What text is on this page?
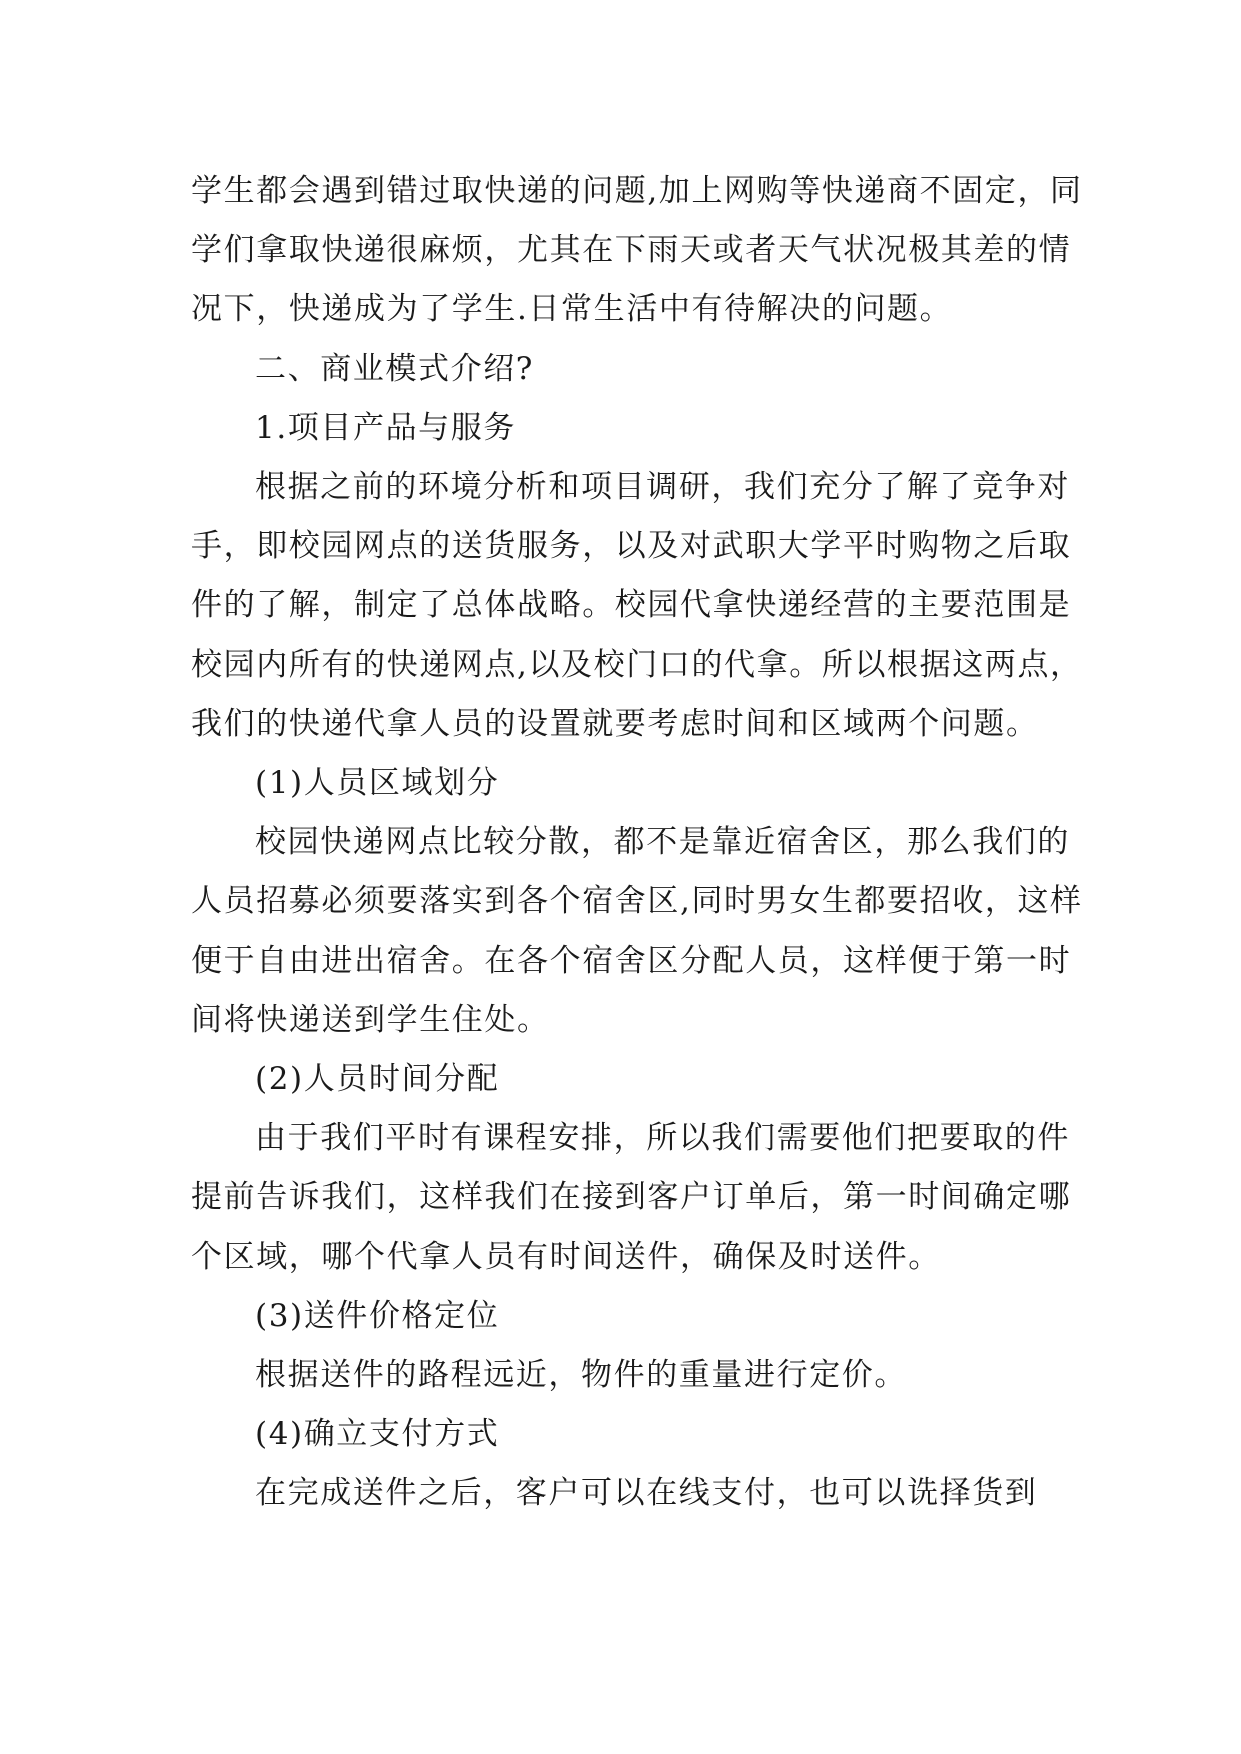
学生都会遇到错过取快递的问题,加上网购等快递商不固定，同学们拿取快递很麻烦，尤其在下雨天或者天气状况极其差的情况下，快递成为了学生.日常生活中有待解决的问题。

二、商业模式介绍?

1.项目产品与服务

根据之前的环境分析和项目调研，我们充分了解了竞争对手，即校园网点的送货服务，以及对武职大学平时购物之后取件的了解，制定了总体战略。校园代拿快递经营的主要范围是校园内所有的快递网点,以及校门口的代拿。所以根据这两点，我们的快递代拿人员的设置就要考虑时间和区域两个问题。

(1)人员区域划分

校园快递网点比较分散，都不是靠近宿舍区，那么我们的人员招募必须要落实到各个宿舍区,同时男女生都要招收，这样便于自由进出宿舍。在各个宿舍区分配人员，这样便于第一时间将快递送到学生住处。

(2)人员时间分配

由于我们平时有课程安排，所以我们需要他们把要取的件提前告诉我们，这样我们在接到客户订单后，第一时间确定哪个区域，哪个代拿人员有时间送件，确保及时送件。

(3)送件价格定位

根据送件的路程远近，物件的重量进行定价。

(4)确立支付方式

在完成送件之后，客户可以在线支付，也可以诜择货到
